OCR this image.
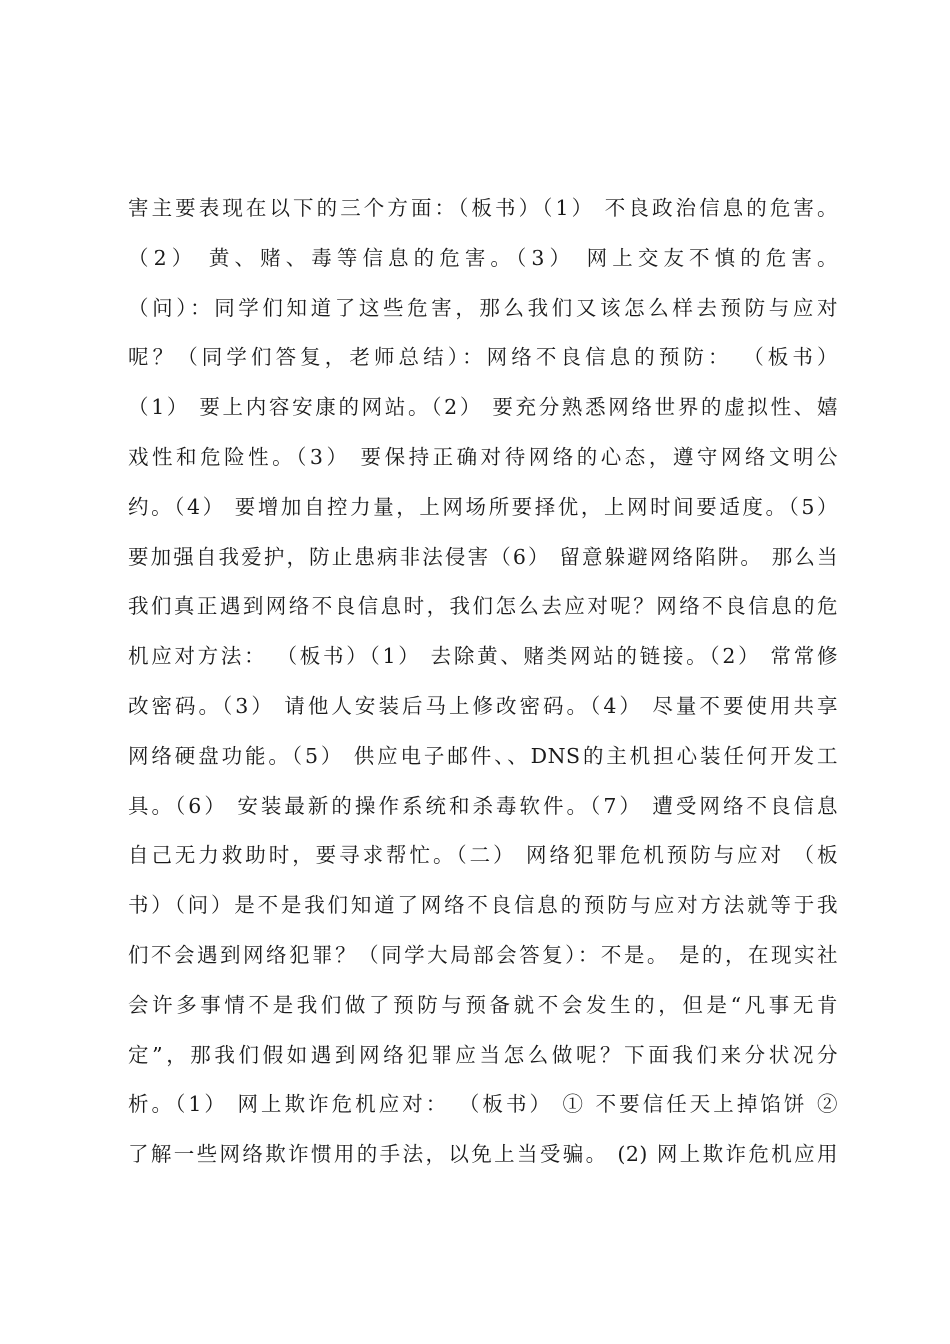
害主要表现在以下的三个方面：（板书）（1） 不良政治信息的危害。
（2） 黄、赌、毒等信息的危害。（3） 网上交友不慎的危害。
（问）：同学们知道了这些危害，那么我们又该怎么样去预防与应对
呢？（同学们答复，老师总结）：网络不良信息的预防： （板书）
（1） 要上内容安康的网站。（2） 要充分熟悉网络世界的虚拟性、嬉
戏性和危险性。（3） 要保持正确对待网络的心态，遵守网络文明公
约。（4） 要增加自控力量，上网场所要择优，上网时间要适度。（5）
要加强自我爱护，防止患病非法侵害（6） 留意躲避网络陷阱。 那么当
我们真正遇到网络不良信息时，我们怎么去应对呢？网络不良信息的危
机应对方法： （板书）（1） 去除黄、赌类网站的链接。（2） 常常修
改密码。（3） 请他人安装后马上修改密码。（4） 尽量不要使用共享
网络硬盘功能。（5） 供应电子邮件、、DNS的主机担心装任何开发工
具。（6） 安装最新的操作系统和杀毒软件。（7） 遭受网络不良信息
自己无力救助时，要寻求帮忙。（二） 网络犯罪危机预防与应对 （板
书）（问）是不是我们知道了网络不良信息的预防与应对方法就等于我
们不会遇到网络犯罪？（同学大局部会答复）：不是。 是的，在现实社
会许多事情不是我们做了预防与预备就不会发生的，但是“凡事无肯
定”，那我们假如遇到网络犯罪应当怎么做呢？下面我们来分状况分
析。（1） 网上欺诈危机应对： （板书） ① 不要信任天上掉馅饼 ②
了解一些网络欺诈惯用的手法，以免上当受骗。 (2) 网上欺诈危机应用
